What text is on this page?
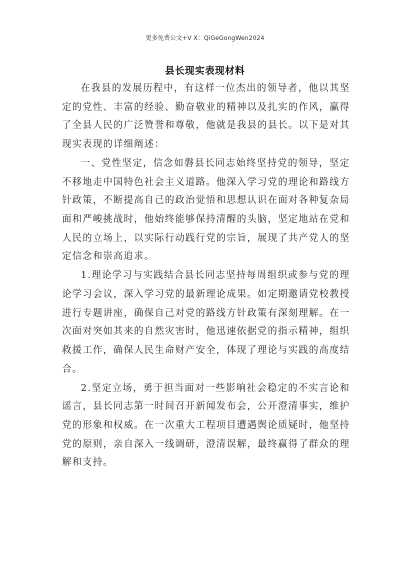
更多免费公文+V X：QiGeGongWen2024
县长现实表现材料

在我县的发展历程中，有这样一位杰出的领导者，他以其坚定的党性、丰富的经验、勤奋敬业的精神以及扎实的作风，赢得了全县人民的广泛赞誉和尊敬，他就是我县的县长。以下是对其现实表现的详细阐述：

一、党性坚定，信念如磐县长同志始终坚持党的领导，坚定不移地走中国特色社会主义道路。他深入学习党的理论和路线方针政策，不断提高自己的政治觉悟和思想认识在面对各种复杂局面和严峻挑战时，他始终能够保持清醒的头脑，坚定地站在党和人民的立场上，以实际行动践行党的宗旨，展现了共产党人的坚定信念和崇高追求。

1.理论学习与实践结合县长同志坚持每周组织或参与党的理论学习会议，深入学习党的最新理论成果。如定期邀请党校教授进行专题讲座，确保自己对党的路线方针政策有深刻理解。在一次面对突如其来的自然灾害时，他迅速依据党的指示精神，组织救援工作，确保人民生命财产安全，体现了理论与实践的高度结合。

2.坚定立场，勇于担当面对一些影响社会稳定的不实言论和谣言，县长同志第一时间召开新闻发布会，公开澄清事实，维护党的形象和权威。在一次重大工程项目遭遇舆论质疑时，他坚持党的原则，亲自深入一线调研，澄清误解，最终赢得了群众的理解和支持。
